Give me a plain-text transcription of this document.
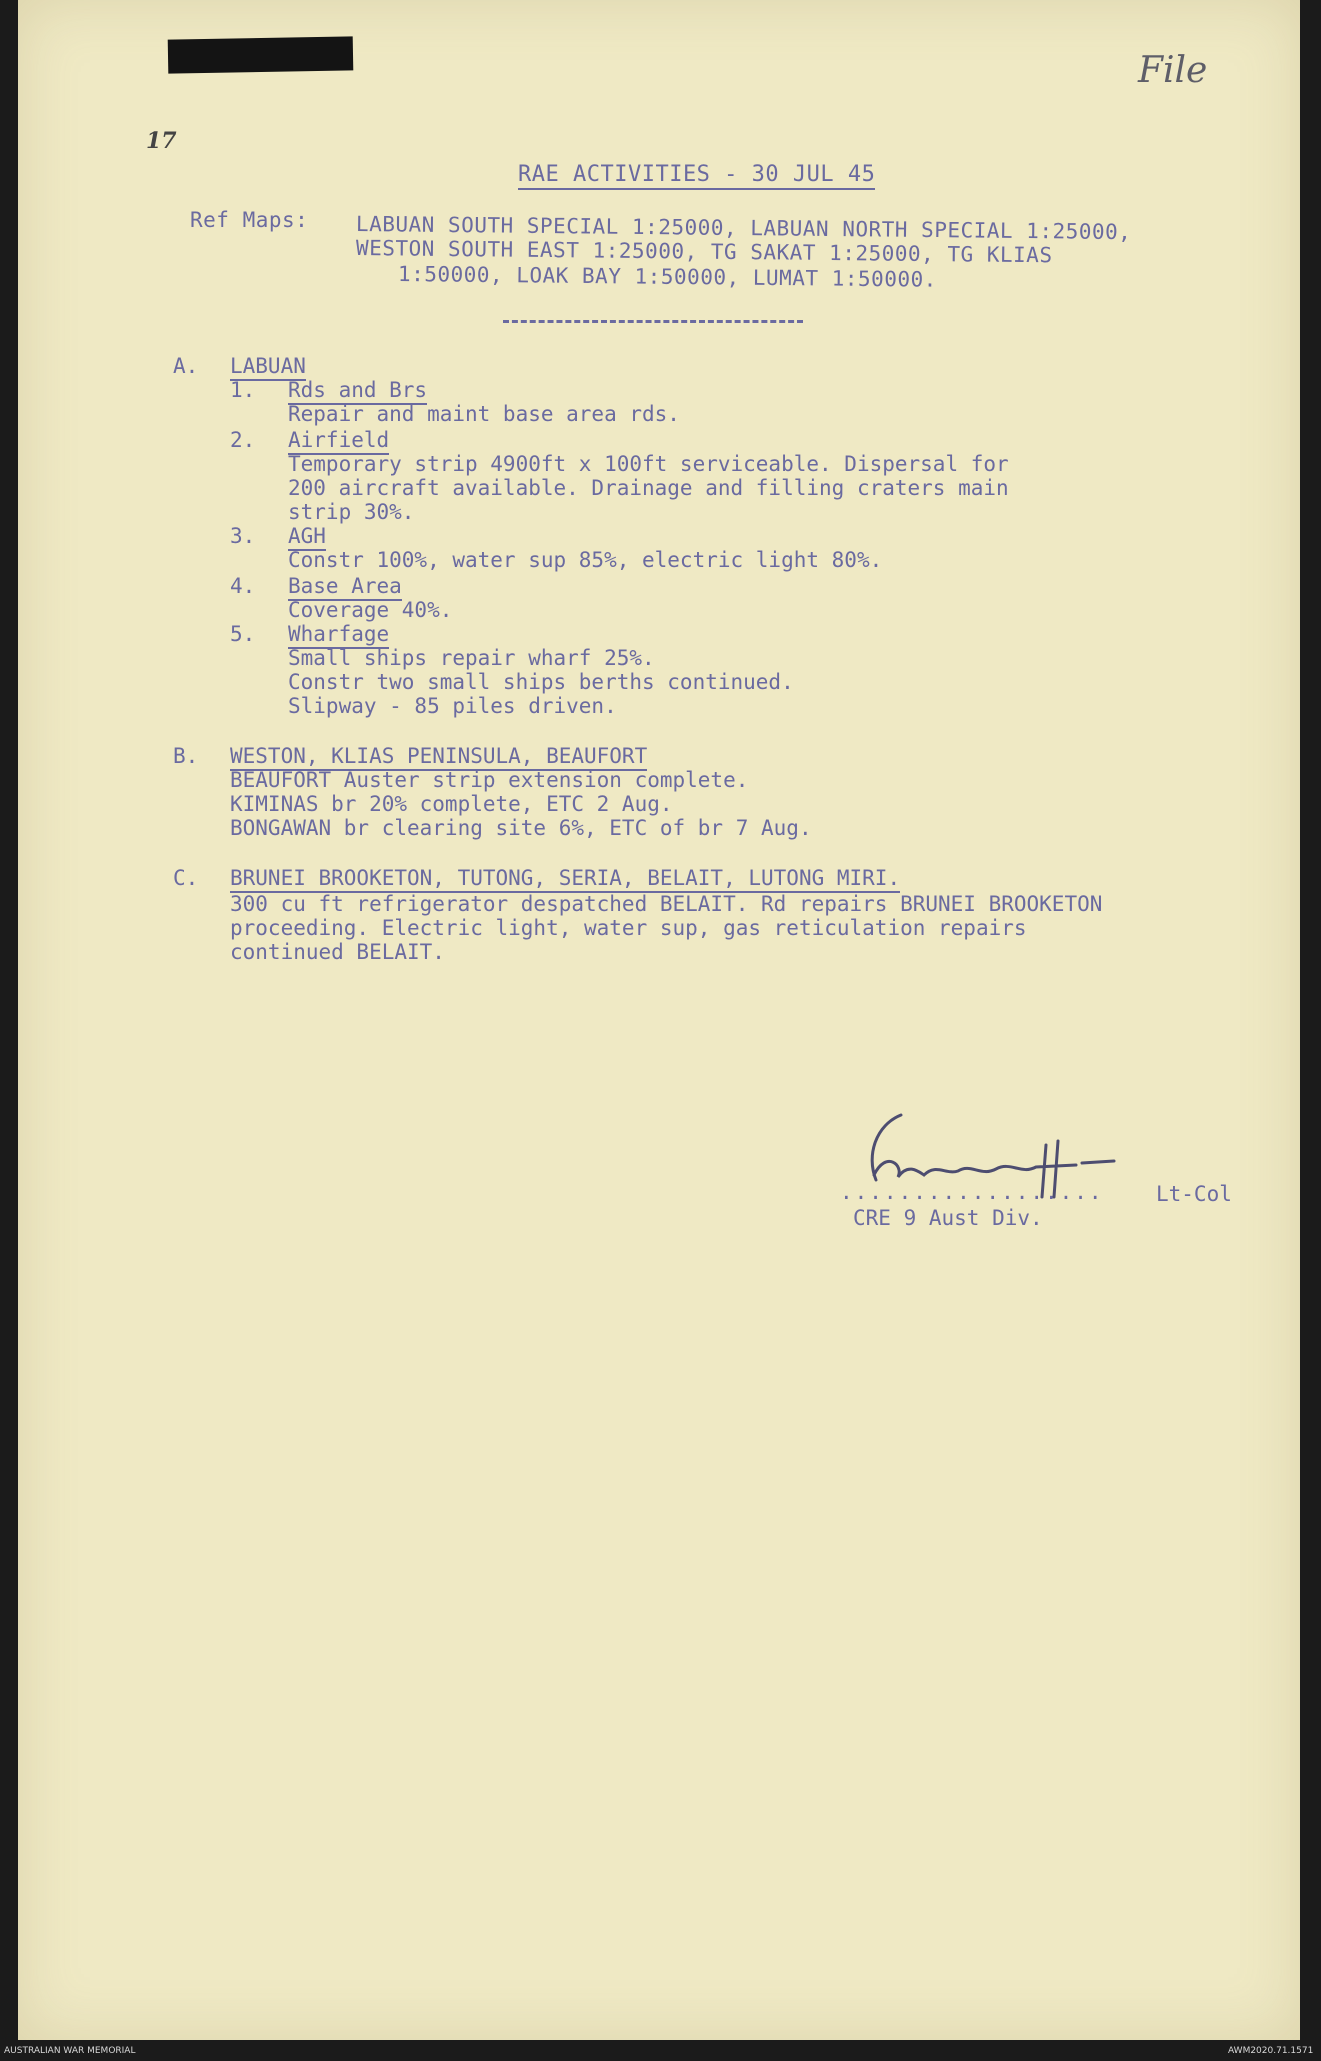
File
17
RAE ACTIVITIES - 30 JUL 45
Ref Maps: LABUAN SOUTH SPECIAL 1:25000, LABUAN NORTH SPECIAL 1:25000,
WESTON SOUTH EAST 1:25000, TG SAKAT 1:25000, TG KLIAS
1:50000, LOAK BAY 1:50000, LUMAT 1:50000.
A. LABUAN
1. Rds and Brs
Repair and maint base area rds.
2. Airfield
Temporary strip 4900ft x 100ft serviceable. Dispersal for
200 aircraft available. Drainage and filling craters main
strip 30%.
3. AGH
Constr 100%, water sup 85%, electric light 80%.
4. Base Area
Coverage 40%.
5. Wharfage
Small ships repair wharf 25%.
Constr two small ships berths continued.
Slipway - 85 piles driven.
B. WESTON, KLIAS PENINSULA, BEAUFORT
BEAUFORT Auster strip extension complete.
KIMINAS br 20% complete, ETC 2 Aug.
BONGAWAN br clearing site 6%, ETC of br 7 Aug.
C. BRUNEI BROOKETON, TUTONG, SERIA, BELAIT, LUTONG MIRI.
300 cu ft refrigerator despatched BELAIT. Rd repairs BRUNEI BROOKETON
proceeding. Electric light, water sup, gas reticulation repairs
continued BELAIT.
.................. Lt-Col
CRE 9 Aust Div.
AUSTRALIAN WAR MEMORIAL	AWM2020.71.1571
